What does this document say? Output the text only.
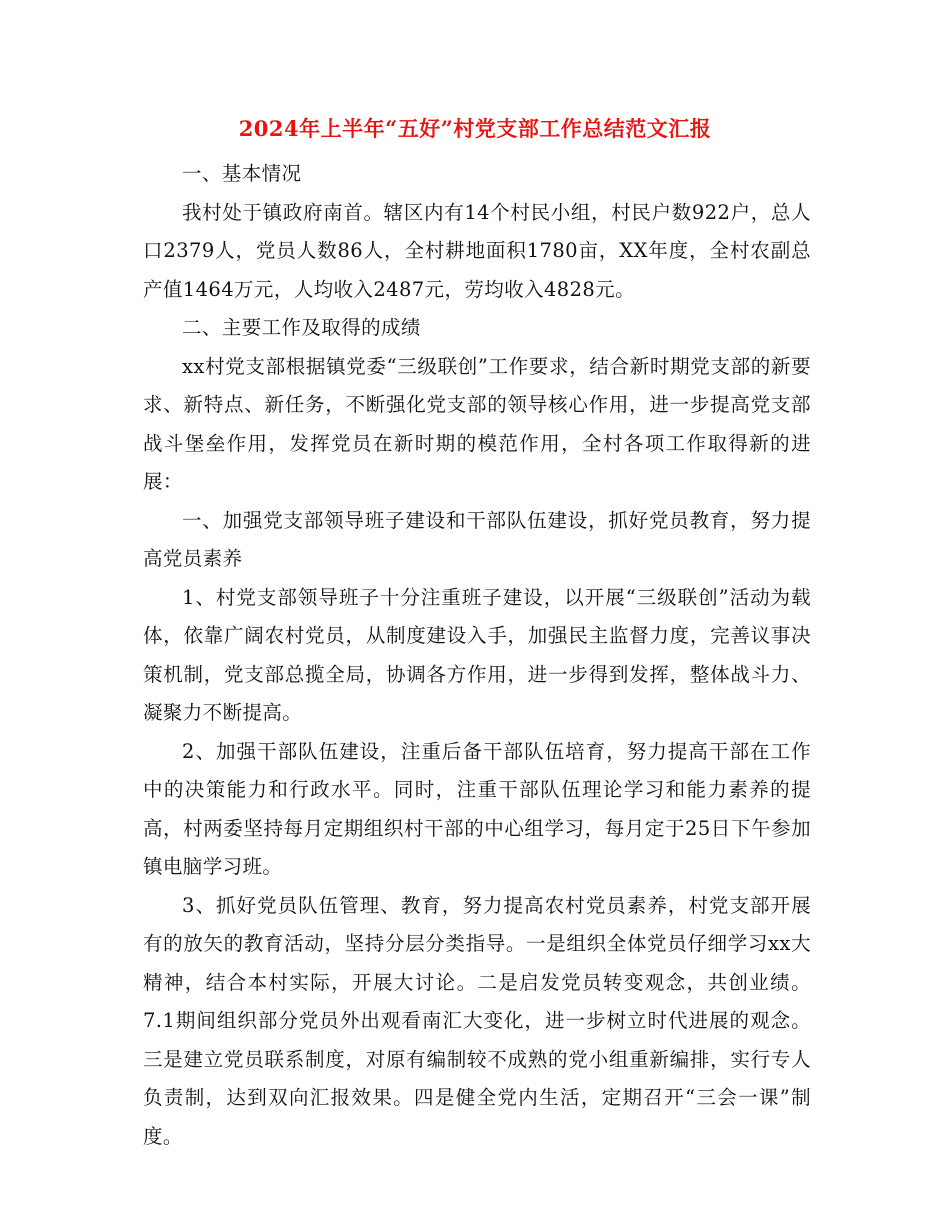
2024年上半年“五好”村党支部工作总结范文汇报

一、基本情况

我村处于镇政府南首。辖区内有14个村民小组，村民户数922户，总人口2379人，党员人数86人，全村耕地面积1780亩，XX年度，全村农副总产值1464万元，人均收入2487元，劳均收入4828元。

二、主要工作及取得的成绩

xx村党支部根据镇党委“三级联创”工作要求，结合新时期党支部的新要求、新特点、新任务，不断强化党支部的领导核心作用，进一步提高党支部战斗堡垒作用，发挥党员在新时期的模范作用，全村各项工作取得新的进展：

一、加强党支部领导班子建设和干部队伍建设，抓好党员教育，努力提高党员素养

1、村党支部领导班子十分注重班子建设，以开展“三级联创”活动为载体，依靠广阔农村党员，从制度建设入手，加强民主监督力度，完善议事决策机制，党支部总揽全局，协调各方作用，进一步得到发挥，整体战斗力、凝聚力不断提高。

2、加强干部队伍建设，注重后备干部队伍培育，努力提高干部在工作中的决策能力和行政水平。同时，注重干部队伍理论学习和能力素养的提高，村两委坚持每月定期组织村干部的中心组学习，每月定于25日下午参加镇电脑学习班。

3、抓好党员队伍管理、教育，努力提高农村党员素养，村党支部开展有的放矢的教育活动，坚持分层分类指导。一是组织全体党员仔细学习xx大精神，结合本村实际，开展大讨论。二是启发党员转变观念，共创业绩。7.1期间组织部分党员外出观看南汇大变化，进一步树立时代进展的观念。三是建立党员联系制度，对原有编制较不成熟的党小组重新编排，实行专人负责制，达到双向汇报效果。四是健全党内生活，定期召开“三会一课”制度。
